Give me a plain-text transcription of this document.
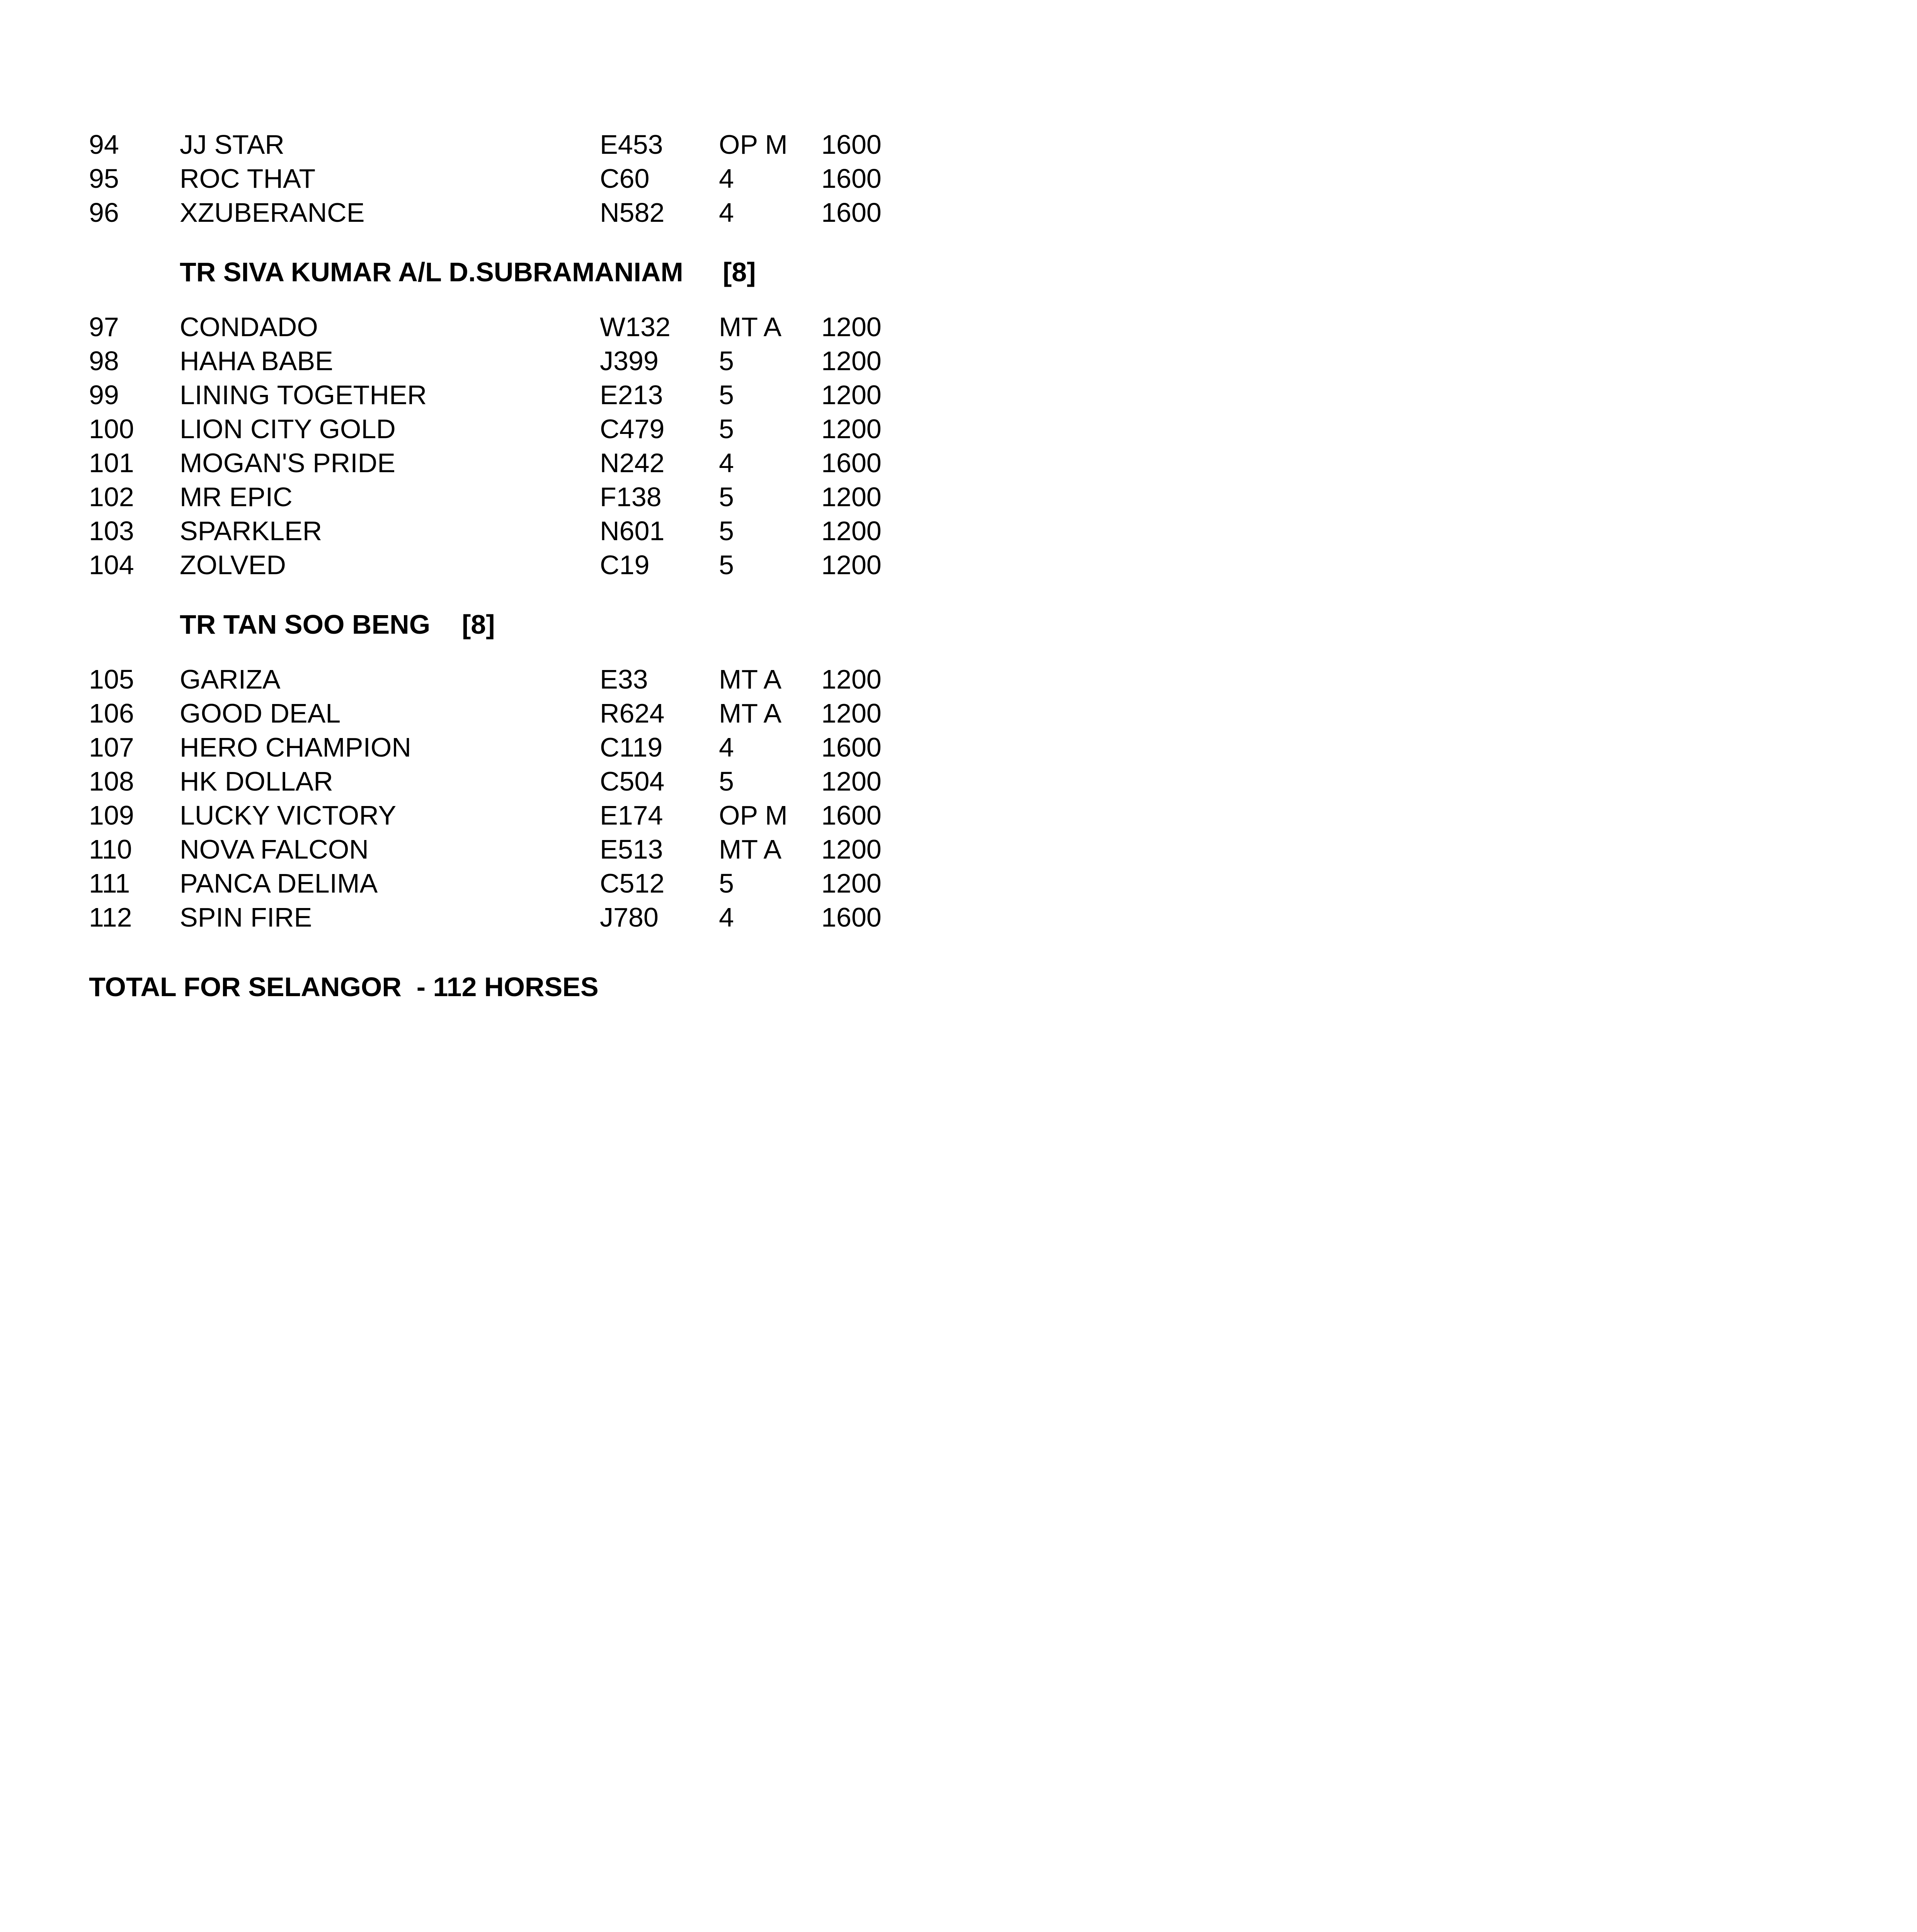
TOTAL FOR SELANGOR  - 112 HORSES
94 JJ STAR	E453 OP M 1600
95 ROC THAT	C60	4	1600
96 XZUBERANCE	N582 4	1600
TR SIVA KUMAR A/L D.SUBRAMANIAM [8]
97 CONDADO	W132 MT A 1200
98 HAHA BABE	J399 5	1200
99 LINING TOGETHER	E213 5	1200
100 LION CITY GOLD	C479 5	1200
101 MOGAN'S PRIDE	N242 4	1600
102 MR EPIC	F138 5	1200
103 SPARKLER	N601 5	1200
104 ZOLVED	C19	5	1200
TR TAN SOO BENG [8]
105 GARIZA	E33	MT A 1200
106 GOOD DEAL	R624 MT A 1200
107 HERO CHAMPION	C119 4	1600
108 HK DOLLAR	C504 5	1200
109 LUCKY VICTORY	E174 OP M 1600
110 NOVA FALCON	E513 MT A 1200
111 PANCA DELIMA	C512 5	1200
112 SPIN FIRE	J780 4	1600
